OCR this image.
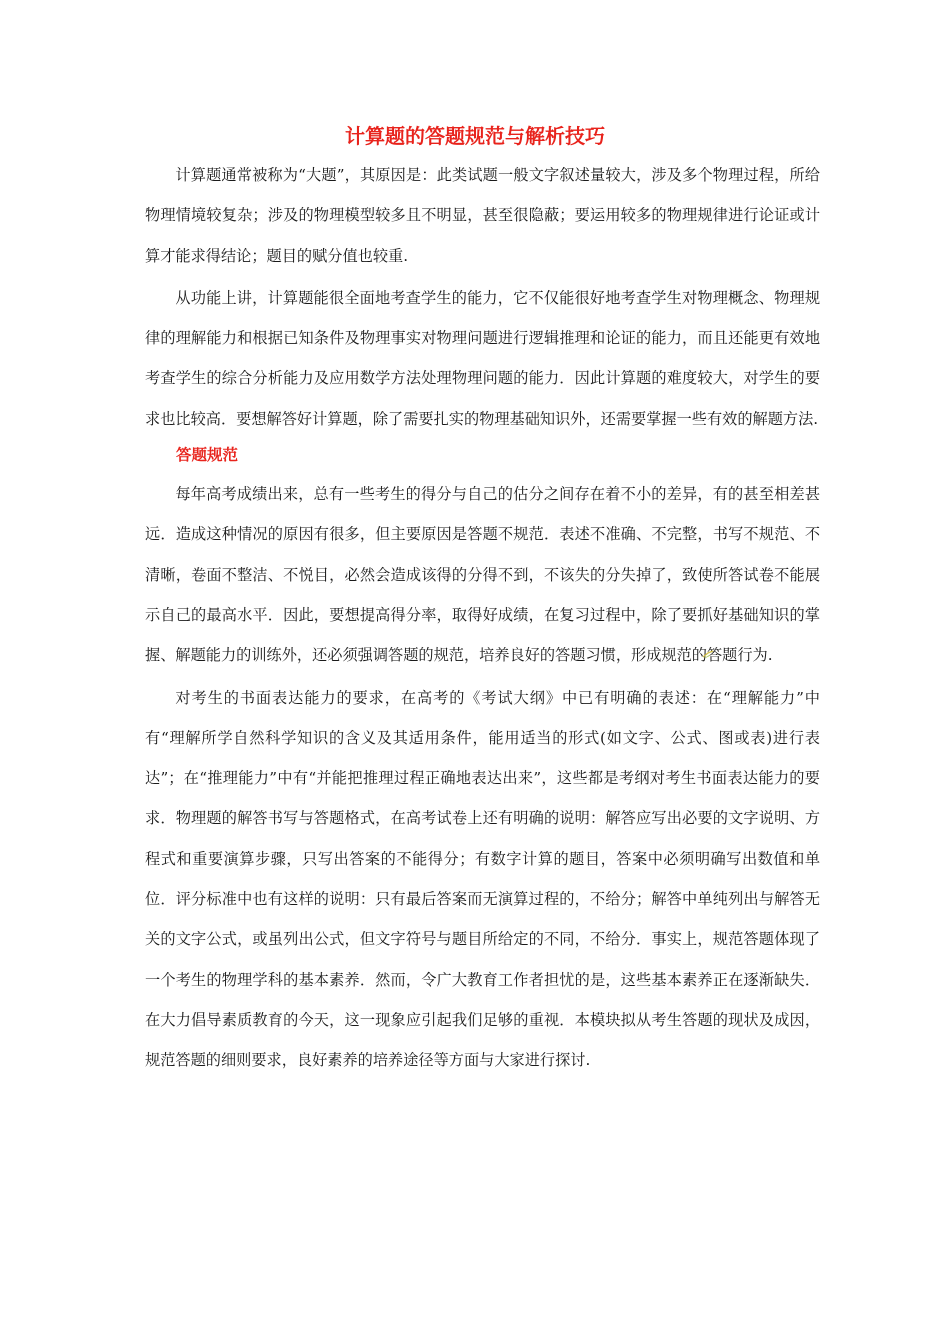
计算题的答题规范与解析技巧

计算题通常被称为“大题”，其原因是：此类试题一般文字叙述量较大，涉及多个物理过程，所给物理情境较复杂；涉及的物理模型较多且不明显，甚至很隐蔽；要运用较多的物理规律进行论证或计算才能求得结论；题目的赋分值也较重.

从功能上讲，计算题能很全面地考查学生的能力，它不仅能很好地考查学生对物理概念、物理规律的理解能力和根据已知条件及物理事实对物理问题进行逻辑推理和论证的能力，而且还能更有效地考查学生的综合分析能力及应用数学方法处理物理问题的能力．因此计算题的难度较大，对学生的要求也比较高．要想解答好计算题，除了需要扎实的物理基础知识外，还需要掌握一些有效的解题方法.

答题规范

每年高考成绩出来，总有一些考生的得分与自己的估分之间存在着不小的差异，有的甚至相差甚远．造成这种情况的原因有很多，但主要原因是答题不规范．表述不准确、不完整，书写不规范、不清晰，卷面不整洁、不悦目，必然会造成该得的分得不到，不该失的分失掉了，致使所答试卷不能展示自己的最高水平．因此，要想提高得分率，取得好成绩，在复习过程中，除了要抓好基础知识的掌握、解题能力的训练外，还必须强调答题的规范，培养良好的答题习惯，形成规范的答题行为.

对考生的书面表达能力的要求，在高考的《考试大纲》中已有明确的表述：在“理解能力”中有“理解所学自然科学知识的含义及其适用条件，能用适当的形式(如文字、公式、图或表)进行表达”；在“推理能力”中有“并能把推理过程正确地表达出来”，这些都是考纲对考生书面表达能力的要求．物理题的解答书写与答题格式，在高考试卷上还有明确的说明：解答应写出必要的文字说明、方程式和重要演算步骤，只写出答案的不能得分；有数字计算的题目，答案中必须明确写出数值和单位．评分标准中也有这样的说明：只有最后答案而无演算过程的，不给分；解答中单纯列出与解答无关的文字公式，或虽列出公式，但文字符号与题目所给定的不同，不给分．事实上，规范答题体现了一个考生的物理学科的基本素养．然而，令广大教育工作者担忧的是，这些基本素养正在逐渐缺失．在大力倡导素质教育的今天，这一现象应引起我们足够的重视．本模块拟从考生答题的现状及成因，规范答题的细则要求，良好素养的培养途径等方面与大家进行探讨.
